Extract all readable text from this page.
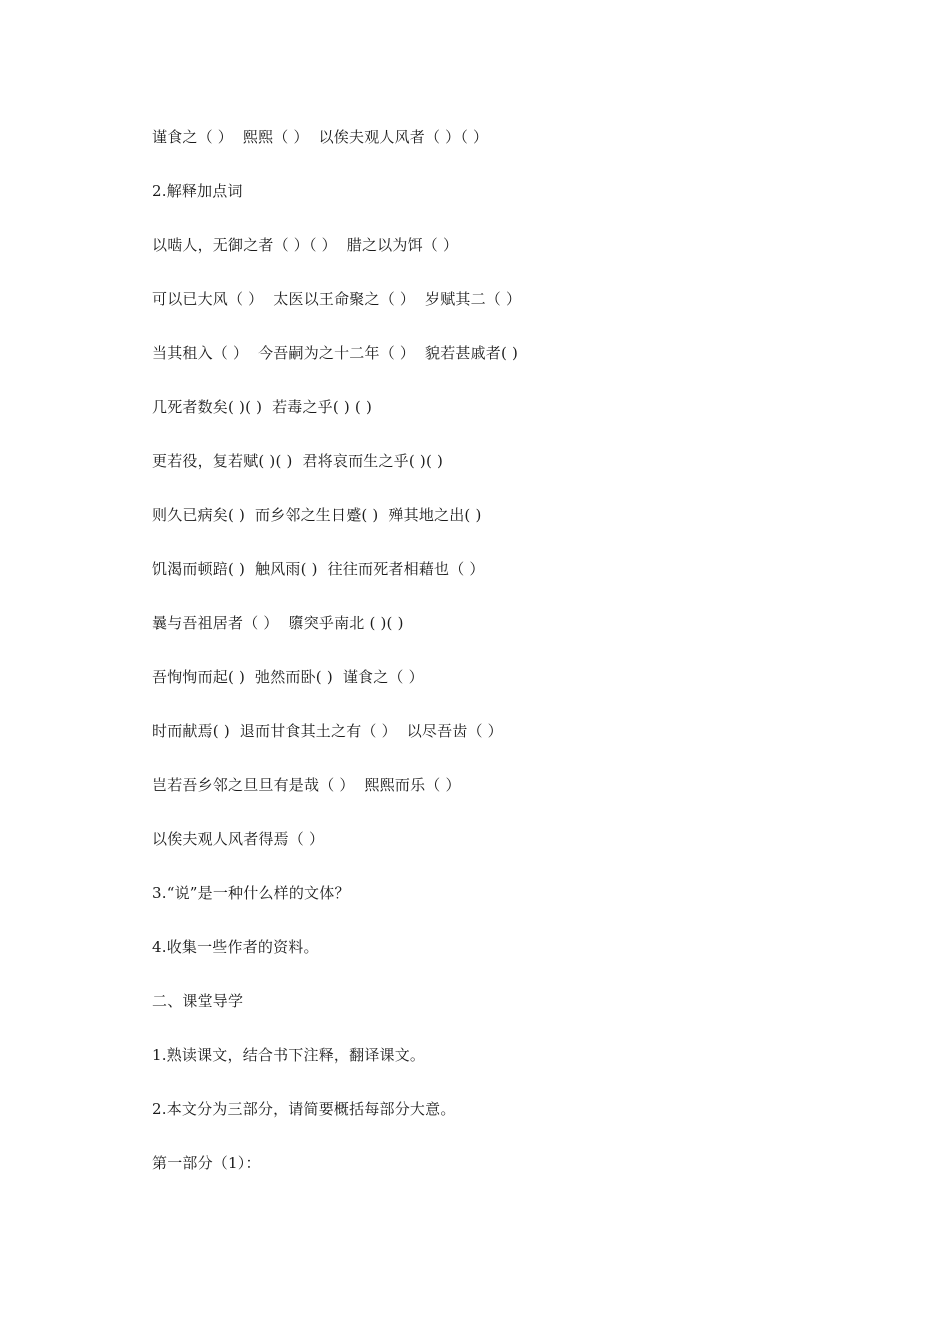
谨食之（ ）  熙熙（ ）  以俟夫观人风者（ ）（ ）
2.解释加点词
以啮人，无御之者（ ）（ ）  腊之以为饵（ ）
可以已大风（ ）  太医以王命聚之（ ）  岁赋其二（ ）
当其租入（ ）  今吾嗣为之十二年（ ）  貌若甚戚者( )
几死者数矣( )( )  若毒之乎( ) ( )
更若役，复若赋( )( )  君将哀而生之乎( )( )
则久已病矣( )  而乡邻之生日蹙( )  殚其地之出( )
饥渴而顿踣( )  触风雨( )  往往而死者相藉也（ ）
曩与吾祖居者（ ）  隳突乎南北 ( )( )
吾恂恂而起( )  弛然而卧( )  谨食之（ ）
时而献焉( )  退而甘食其土之有（ ）  以尽吾齿（ ）
岂若吾乡邻之旦旦有是哉（ ）  熙熙而乐（ ）
以俟夫观人风者得焉（ ）
3.“说”是一种什么样的文体？
4.收集一些作者的资料。
二、课堂导学
1.熟读课文，结合书下注释，翻译课文。
2.本文分为三部分，请简要概括每部分大意。
第一部分（1）：
